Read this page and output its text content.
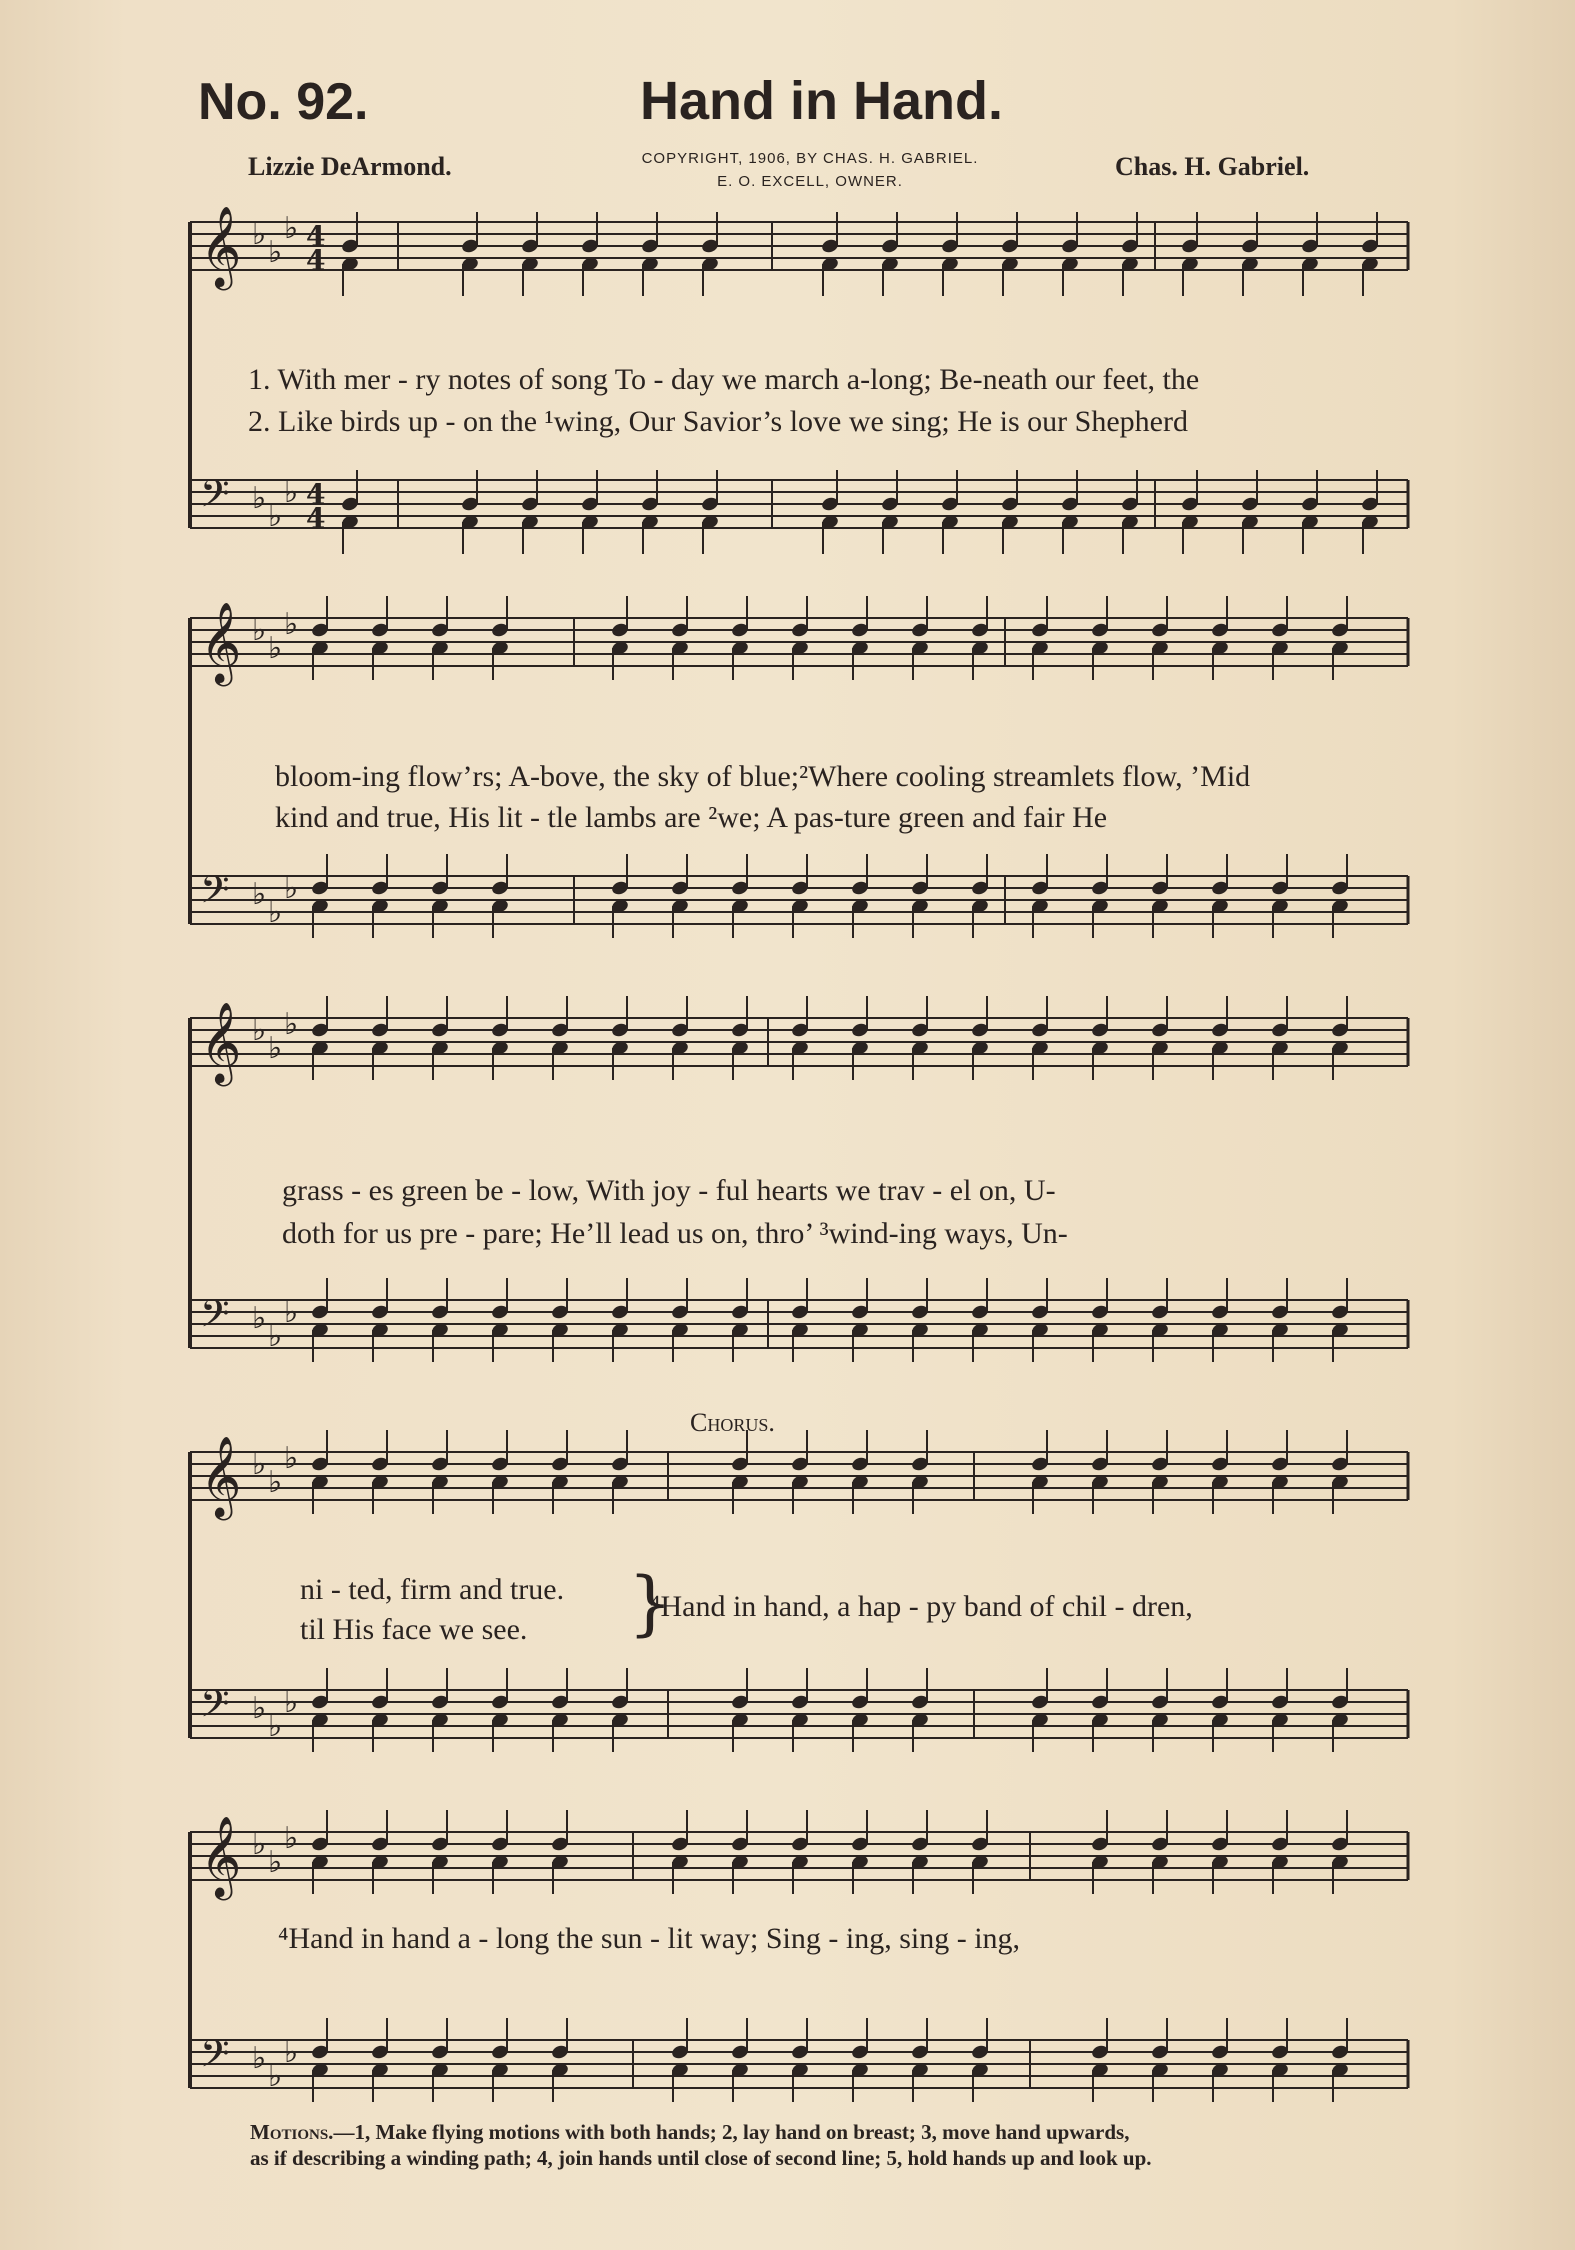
𝄞 ♭
♭
♭ 4
4
𝄢 ♭
♭
♭ 4
4
𝄞 ♭
♭
♭
𝄢 ♭
♭
♭
𝄞 ♭
♭
♭
𝄢 ♭
♭
♭
𝄞 ♭
♭
♭
𝄢 ♭
♭
♭
𝄞 ♭
♭
♭
𝄢 ♭
♭
♭
No. 92.	Hand in Hand.
Lizzie DeArmond.	Chas. H. Gabriel.
COPYRIGHT, 1906, BY CHAS. H. GABRIEL.
E. O. EXCELL, OWNER.
1. With mer - ry notes of song To - day we march a-long; Be-neath our feet, the
2. Like birds up - on the ¹wing, Our Savior’s love we sing; He is our Shepherd
bloom-ing flow’rs; A-bove, the sky of blue;²Where cooling streamlets flow, ’Mid
kind and true, His lit - tle lambs are ²we; A pas-ture green and fair He
grass - es green be - low, With joy - ful hearts we trav - el on, U-
doth for us pre - pare; He’ll lead us on, thro’ ³wind-ing ways, Un-
Chorus.
ni - ted, firm and true.
til His face we see. }
⁴Hand in hand, a hap - py band of chil - dren,
⁴Hand in hand a - long the sun - lit way; Sing - ing, sing - ing,
Motions.—1, Make flying motions with both hands; 2, lay hand on breast; 3, move hand upwards,
as if describing a winding path; 4, join hands until close of second line; 5, hold hands up and look up.
